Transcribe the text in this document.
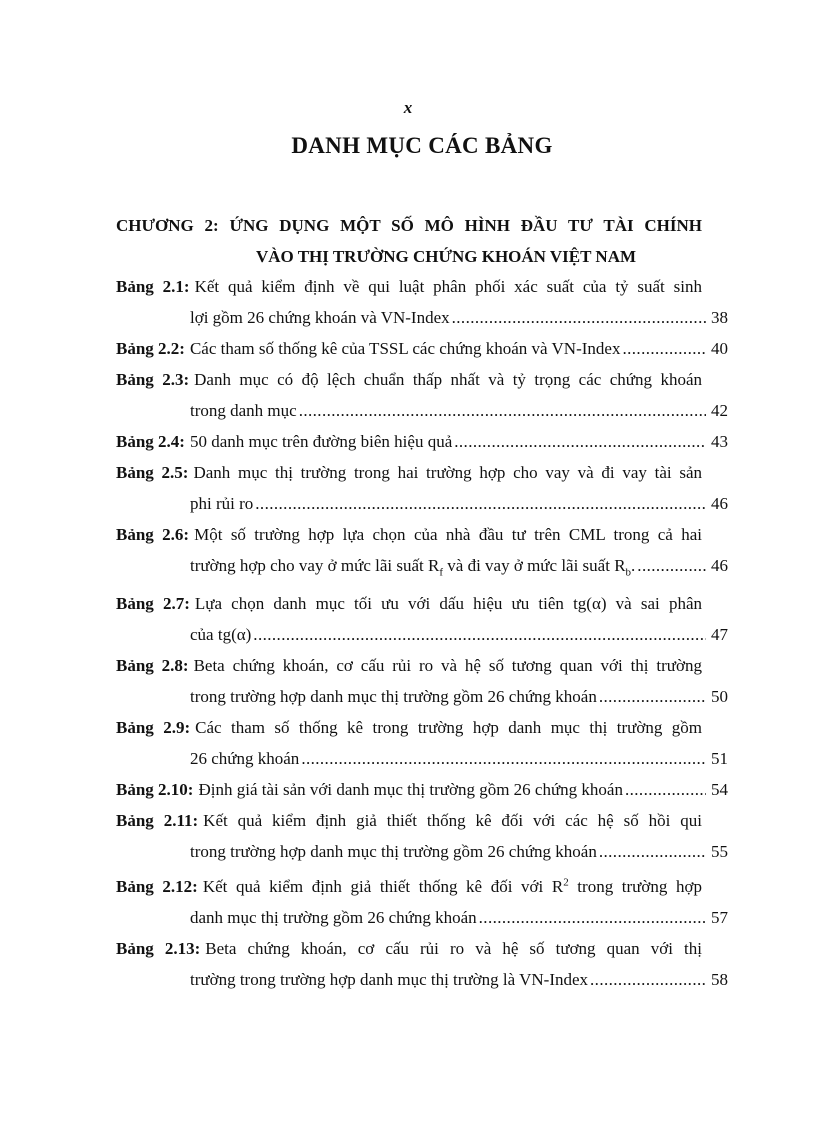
x
DANH MỤC CÁC BẢNG
CHƯƠNG 2: ỨNG DỤNG MỘT SỐ MÔ HÌNH ĐẦU TƯ TÀI CHÍNH
VÀO THỊ TRƯỜNG CHỨNG KHOÁN VIỆT NAM
Bảng 2.1: Kết quả kiểm định về qui luật phân phối xác suất của tỷ suất sinh
lợi gồm 26 chứng khoán và VN-Index .....	38
Bảng 2.2: Các tham số thống kê của TSSL các chứng khoán và VN-Index .....	40
Bảng 2.3: Danh mục có độ lệch chuẩn thấp nhất và tỷ trọng các chứng khoán
trong danh mục .....	42
Bảng 2.4: 50 danh mục trên đường biên hiệu quả .....	43
Bảng 2.5: Danh mục thị trường trong hai trường hợp cho vay và đi vay tài sản
phi rủi ro .....	46
Bảng 2.6: Một số trường hợp lựa chọn của nhà đầu tư trên CML trong cả hai
trường hợp cho vay ở mức lãi suất $R_f$ và đi vay ở mức lãi suất $R_b$. .....	46
Bảng 2.7: Lựa chọn danh mục tối ưu với dấu hiệu ưu tiên tg(α) và sai phân
của tg(α) .....	47
Bảng 2.8: Beta chứng khoán, cơ cấu rủi ro và hệ số tương quan với thị trường
trong trường hợp danh mục thị trường gồm 26 chứng khoán .....	50
Bảng 2.9: Các tham số thống kê trong trường hợp danh mục thị trường gồm
26 chứng khoán .....	51
Bảng 2.10: Định giá tài sản với danh mục thị trường gồm 26 chứng khoán .....	54
Bảng 2.11: Kết quả kiểm định giả thiết thống kê đối với các hệ số hồi qui
trong trường hợp danh mục thị trường gồm 26 chứng khoán .....	55
Bảng 2.12: Kết quả kiểm định giả thiết thống kê đối với $R^2$ trong trường hợp
danh mục thị trường gồm 26 chứng khoán .....	57
Bảng 2.13: Beta chứng khoán, cơ cấu rủi ro và hệ số tương quan với thị
trường trong trường hợp danh mục thị trường là VN-Index .....	58
